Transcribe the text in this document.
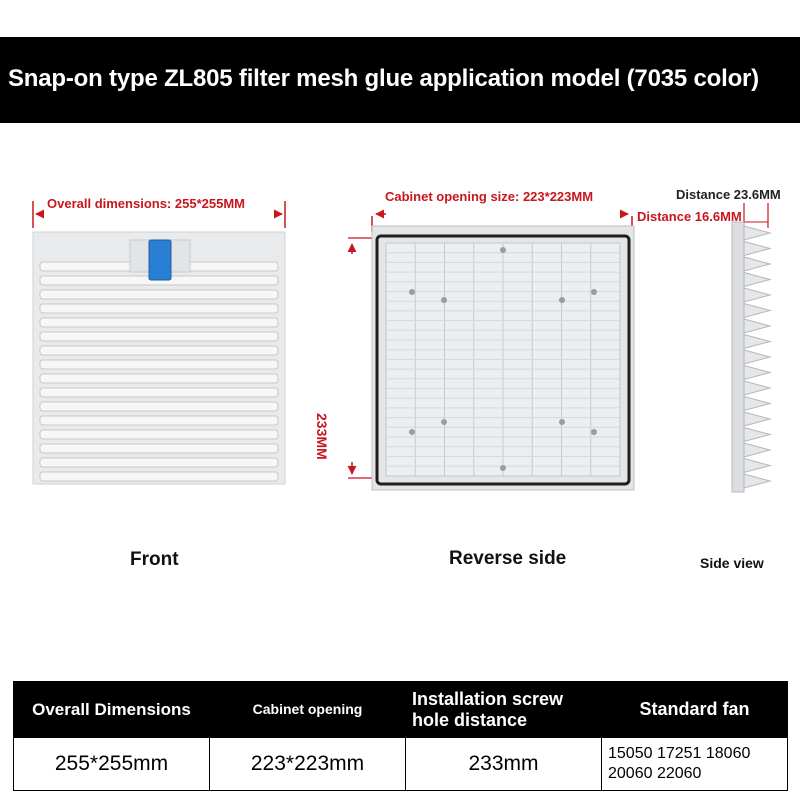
Snap-on type ZL805 filter mesh glue application model (7035 color)
Overall dimensions: 255*255MM	Cabinet opening size: 223*223MM
233MM
Distance 23.6MM
Distance 16.6MM
Front	Reverse side	Side view
Overall Dimensions	Cabinet opening	Installation screw hole distance	Standard fan
255*255mm	223*223mm	233mm	15050 17251 18060 20060 22060
